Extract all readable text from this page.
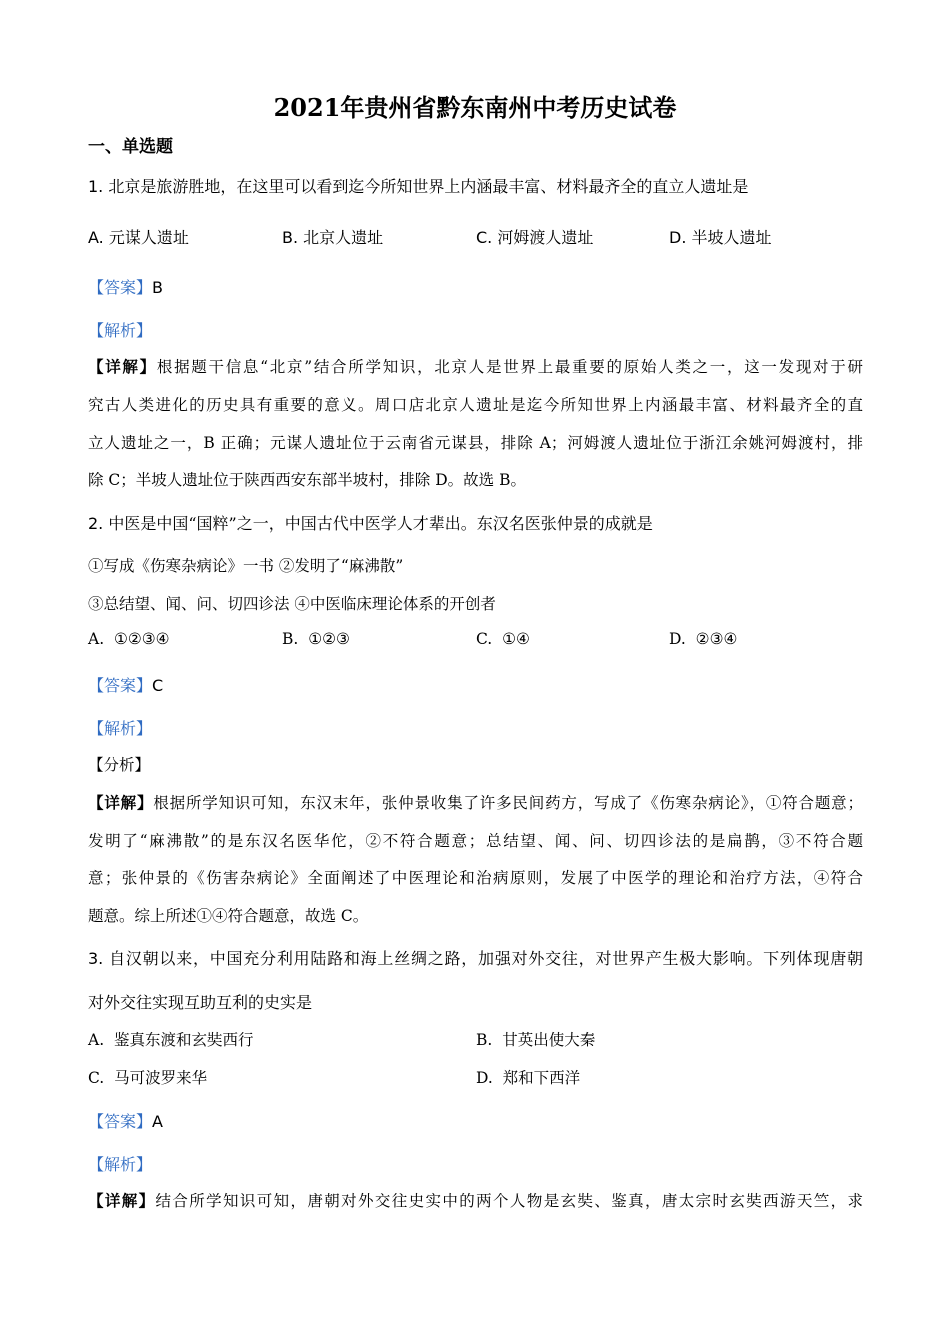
2021年贵州省黔东南州中考历史试卷
一、单选题
1. 北京是旅游胜地，在这里可以看到迄今所知世界上内涵最丰富、材料最齐全的直立人遗址是
A. 元谋人遗址	B. 北京人遗址	C. 河姆渡人遗址	D. 半坡人遗址
【答案】B
【解析】
【详解】根据题干信息“北京”结合所学知识，北京人是世界上最重要的原始人类之一，这一发现对于研
究古人类进化的历史具有重要的意义。周口店北京人遗址是迄今所知世界上内涵最丰富、材料最齐全的直
立人遗址之一，B 正确；元谋人遗址位于云南省元谋县，排除 A；河姆渡人遗址位于浙江余姚河姆渡村，排
除 C；半坡人遗址位于陕西西安东部半坡村，排除 D。故选 B。
2. 中医是中国“国粹”之一，中国古代中医学人才辈出。东汉名医张仲景的成就是
①写成《伤寒杂病论》一书 ②发明了“麻沸散”
③总结望、闻、问、切四诊法 ④中医临床理论体系的开创者
A. ①②③④	B. ①②③	C. ①④	D. ②③④
【答案】C
【解析】
【分析】
【详解】根据所学知识可知，东汉末年，张仲景收集了许多民间药方，写成了《伤寒杂病论》，①符合题意；
发明了“麻沸散”的是东汉名医华佗，②不符合题意；总结望、闻、问、切四诊法的是扁鹊，③不符合题
意；张仲景的《伤害杂病论》全面阐述了中医理论和治病原则，发展了中医学的理论和治疗方法，④符合
题意。综上所述①④符合题意，故选 C。
3. 自汉朝以来，中国充分利用陆路和海上丝绸之路，加强对外交往，对世界产生极大影响。下列体现唐朝
对外交往实现互助互利的史实是
A. 鉴真东渡和玄奘西行	B. 甘英出使大秦
C. 马可波罗来华	D. 郑和下西洋
【答案】A
【解析】
【详解】结合所学知识可知，唐朝对外交往史实中的两个人物是玄奘、鉴真，唐太宗时玄奘西游天竺，求
